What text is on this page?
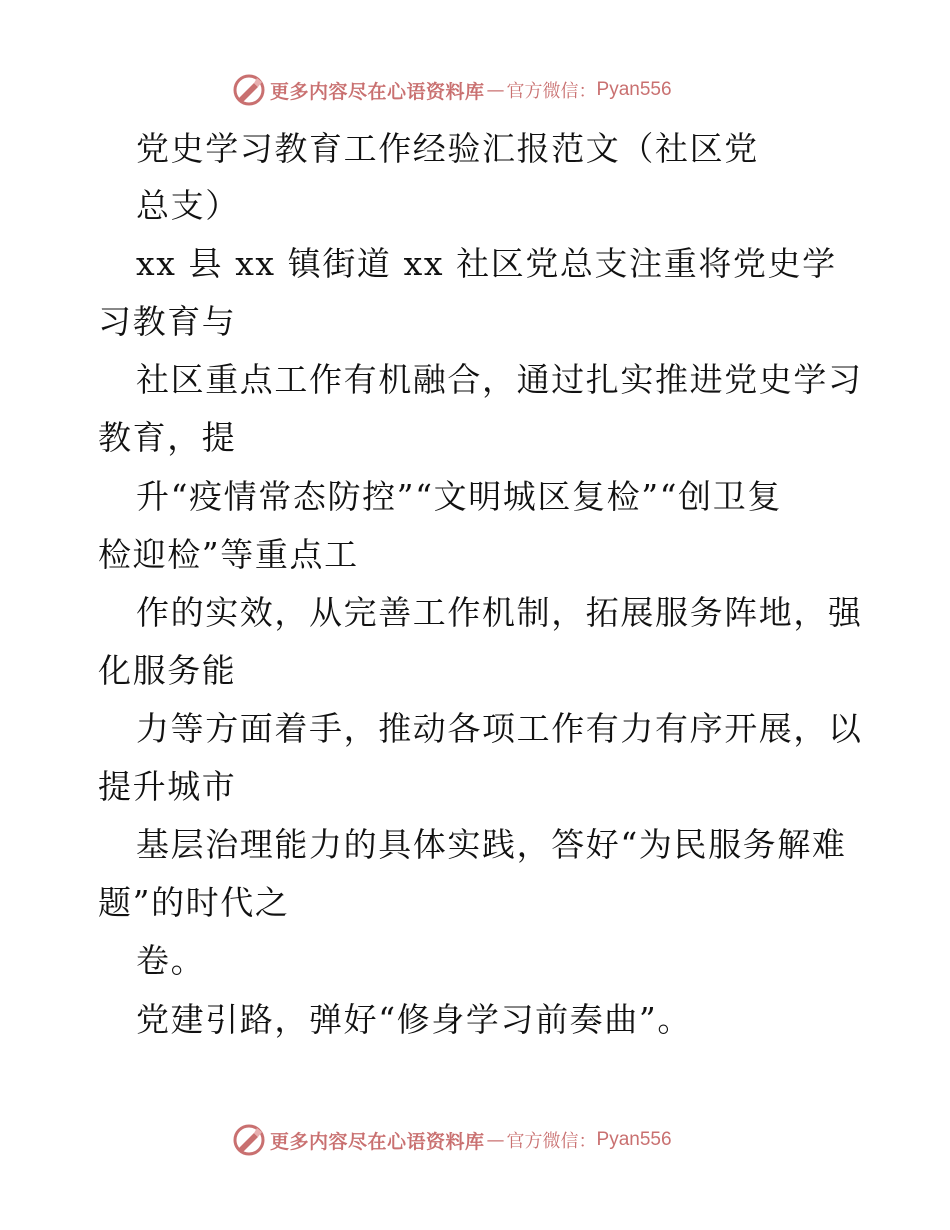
更多内容尽在心语资料库 — 官方微信： Pyan556
党史学习教育工作经验汇报范文（社区党
总支）
xx 县 xx 镇街道 xx 社区党总支注重将党史学
习教育与
社区重点工作有机融合，通过扎实推进党史学习
教育，提
升“疫情常态防控”“文明城区复检”“创卫复
检迎检”等重点工
作的实效，从完善工作机制，拓展服务阵地，强
化服务能
力等方面着手，推动各项工作有力有序开展，以
提升城市
基层治理能力的具体实践，答好“为民服务解难
题”的时代之
卷。
党建引路，弹好“修身学习前奏曲”。
更多内容尽在心语资料库 — 官方微信： Pyan556
